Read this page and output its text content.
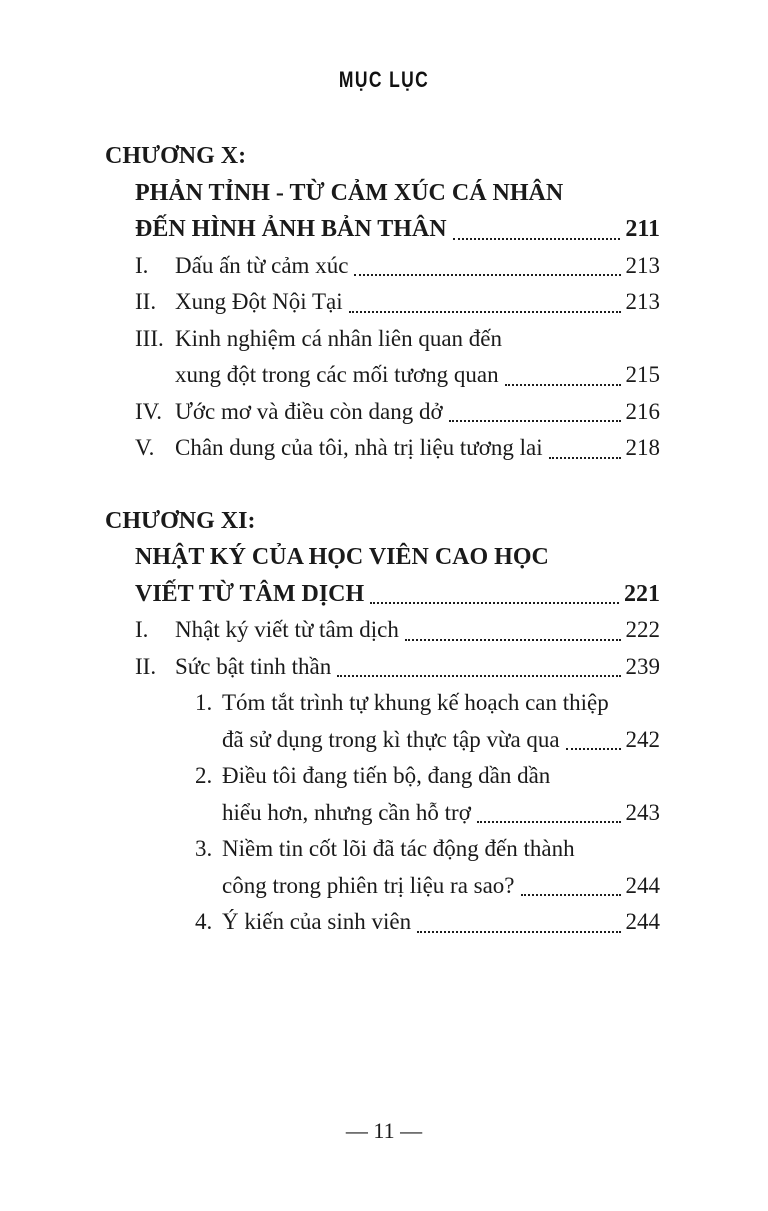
MỤC LỤC
CHƯƠNG X:
PHẢN TỈNH - TỪ CẢM XÚC CÁ NHÂN
ĐẾN HÌNH ẢNH BẢN THÂN	211
I.	Dấu ấn từ cảm xúc	213
II. Xung Đột Nội Tại	213
III. Kinh nghiệm cá nhân liên quan đến
xung đột trong các mối tương quan	215
IV. Ước mơ và điều còn dang dở	216
V. Chân dung của tôi, nhà trị liệu tương lai	218
CHƯƠNG XI:
NHẬT KÝ CỦA HỌC VIÊN CAO HỌC
VIẾT TỪ TÂM DỊCH	221
I.	Nhật ký viết từ tâm dịch	222
II. Sức bật tinh thần	239
1. Tóm tắt trình tự khung kế hoạch can thiệp
đã sử dụng trong kì thực tập vừa qua	242
2. Điều tôi đang tiến bộ, đang dần dần
hiểu hơn, nhưng cần hỗ trợ	243
3. Niềm tin cốt lõi đã tác động đến thành
công trong phiên trị liệu ra sao?	244
4. Ý kiến của sinh viên	244
— 11 —
